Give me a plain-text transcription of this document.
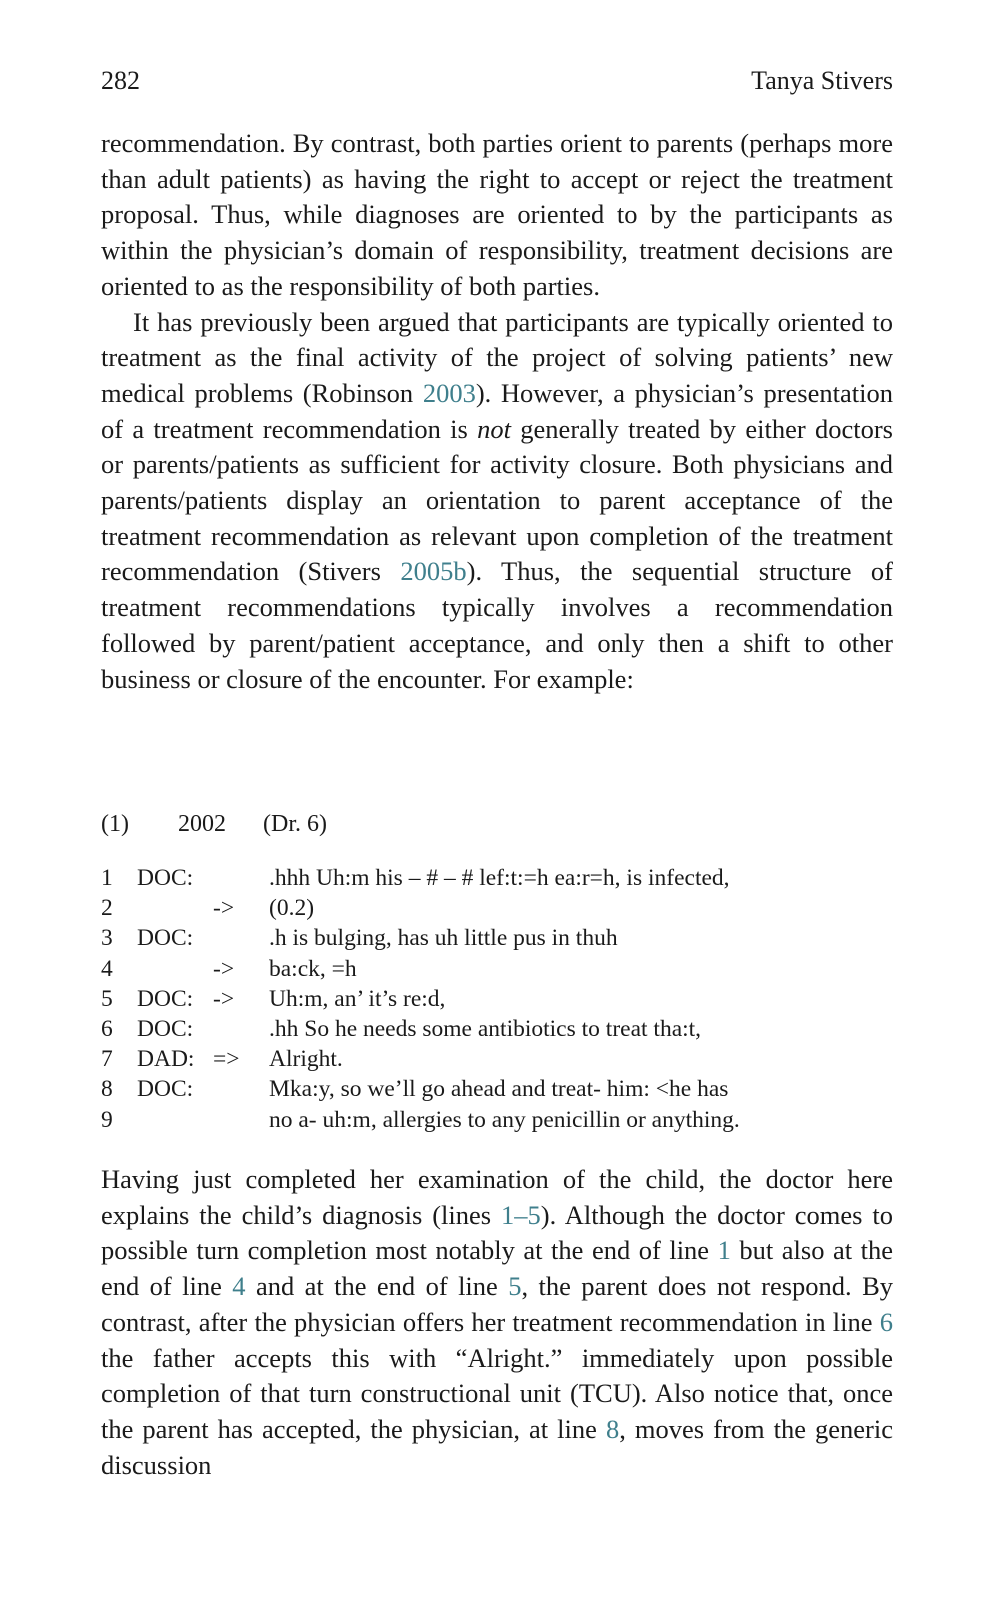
282	Tanya Stivers

recommendation. By contrast, both parties orient to parents (perhaps more than adult patients) as having the right to accept or reject the treatment proposal. Thus, while diagnoses are oriented to by the participants as within the physician’s domain of responsibility, treatment decisions are oriented to as the responsibility of both parties.

It has previously been argued that participants are typically oriented to treatment as the final activity of the project of solving patients’ new medical problems (Robinson 2003). However, a physician’s presentation of a treatment recommendation is not generally treated by either doctors or parents/patients as sufficient for activity closure. Both physicians and parents/patients display an orientation to parent acceptance of the treatment recommendation as relevant upon completion of the treatment recommendation (Stivers 2005b). Thus, the sequential structure of treatment recommendations typically involves a recommendation followed by parent/patient acceptance, and only then a shift to other business or closure of the encounter. For example:

(1) 2002 (Dr. 6)
1 DOC:	.hhh Uh:m his – # – # lef:t:=h ea:r=h, is infected,
2	-> (0.2)
3 DOC:	.h is bulging, has uh little pus in thuh
4	-> ba:ck, =h
5 DOC: -> Uh:m, an’ it’s re:d,
6 DOC:	.hh So he needs some antibiotics to treat tha:t,
7 DAD: => Alright.
8 DOC:	Mka:y, so we’ll go ahead and treat- him: <he has
9	no a- uh:m, allergies to any penicillin or anything.

Having just completed her examination of the child, the doctor here explains the child’s diagnosis (lines 1–5). Although the doctor comes to possible turn completion most notably at the end of line 1 but also at the end of line 4 and at the end of line 5, the parent does not respond. By contrast, after the physician offers her treatment recommendation in line 6 the father accepts this with “Alright.” immediately upon possible completion of that turn constructional unit (TCU). Also notice that, once the parent has accepted, the physician, at line 8, moves from the generic discussion
